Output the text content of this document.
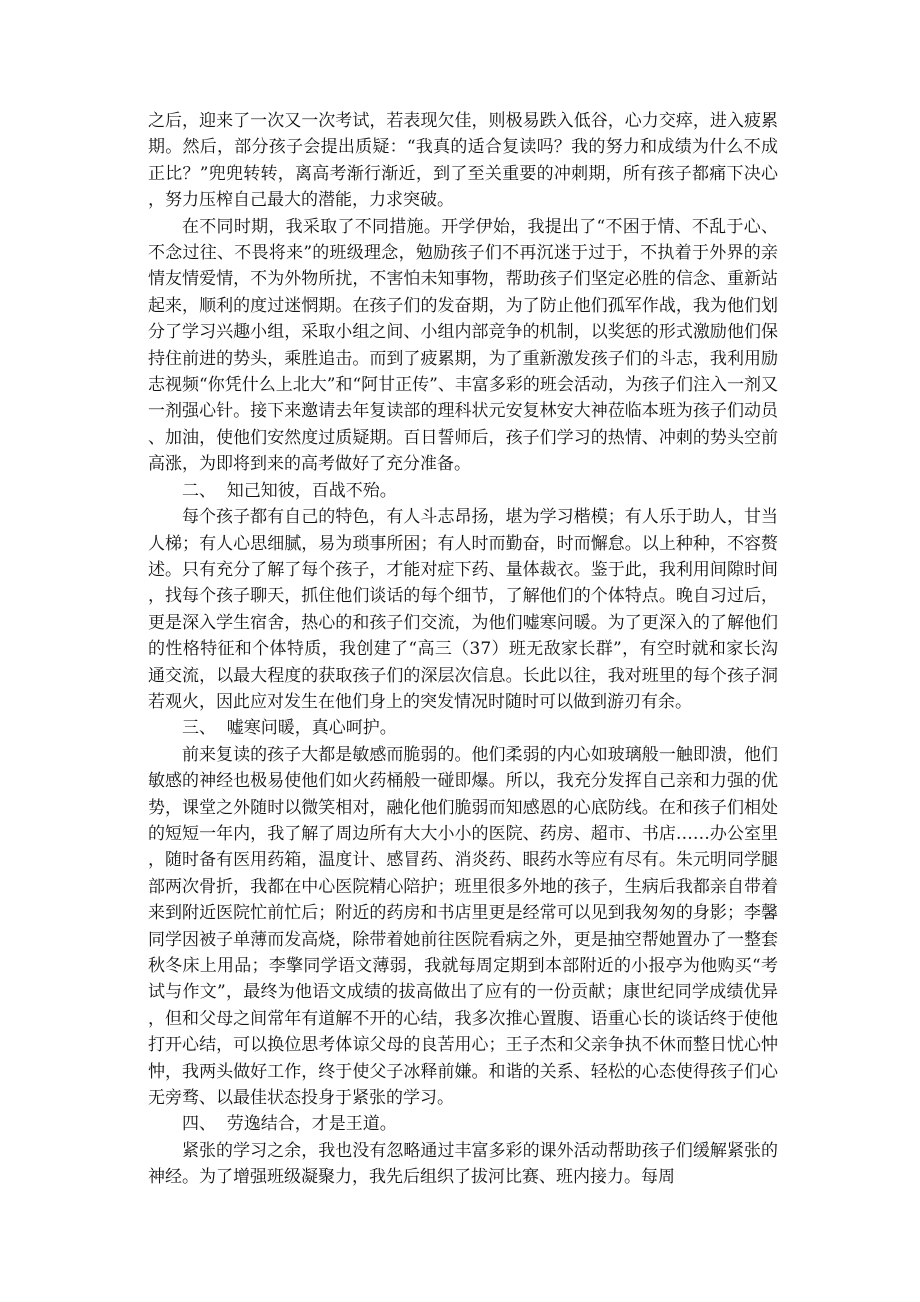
之后，迎来了一次又一次考试，若表现欠佳，则极易跌入低谷，心力交瘁，进入疲累期。然后，部分孩子会提出质疑：“我真的适合复读吗？我的努力和成绩为什么不成正比？”兜兜转转，离高考渐行渐近，到了至关重要的冲刺期，所有孩子都痛下决心，努力压榨自己最大的潜能，力求突破。

在不同时期，我采取了不同措施。开学伊始，我提出了“不困于情、不乱于心、不念过往、不畏将来”的班级理念，勉励孩子们不再沉迷于过于，不执着于外界的亲情友情爱情，不为外物所扰，不害怕未知事物，帮助孩子们坚定必胜的信念、重新站起来，顺利的度过迷惘期。在孩子们的发奋期，为了防止他们孤军作战，我为他们划分了学习兴趣小组，采取小组之间、小组内部竞争的机制，以奖惩的形式激励他们保持住前进的势头，乘胜追击。而到了疲累期，为了重新激发孩子们的斗志，我利用励志视频“你凭什么上北大”和“阿甘正传”、丰富多彩的班会活动，为孩子们注入一剂又一剂强心针。接下来邀请去年复读部的理科状元安复林安大神莅临本班为孩子们动员、加油，使他们安然度过质疑期。百日誓师后，孩子们学习的热情、冲刺的势头空前高涨，为即将到来的高考做好了充分准备。

二、  知己知彼，百战不殆。

每个孩子都有自己的特色，有人斗志昂扬，堪为学习楷模；有人乐于助人，甘当人梯；有人心思细腻，易为琐事所困；有人时而勤奋，时而懈怠。以上种种，不容赘述。只有充分了解了每个孩子，才能对症下药、量体裁衣。鉴于此，我利用间隙时间，找每个孩子聊天，抓住他们谈话的每个细节，了解他们的个体特点。晚自习过后，更是深入学生宿舍，热心的和孩子们交流，为他们嘘寒问暖。为了更深入的了解他们的性格特征和个体特质，我创建了“高三（37）班无敌家长群”，有空时就和家长沟通交流，以最大程度的获取孩子们的深层次信息。长此以往，我对班里的每个孩子洞若观火，因此应对发生在他们身上的突发情况时随时可以做到游刃有余。

三、  嘘寒问暖，真心呵护。

前来复读的孩子大都是敏感而脆弱的。他们柔弱的内心如玻璃般一触即溃，他们敏感的神经也极易使他们如火药桶般一碰即爆。所以，我充分发挥自己亲和力强的优势，课堂之外随时以微笑相对，融化他们脆弱而知感恩的心底防线。在和孩子们相处的短短一年内，我了解了周边所有大大小小的医院、药房、超市、书店……办公室里，随时备有医用药箱，温度计、感冒药、消炎药、眼药水等应有尽有。朱元明同学腿部两次骨折，我都在中心医院精心陪护；班里很多外地的孩子，生病后我都亲自带着来到附近医院忙前忙后；附近的药房和书店里更是经常可以见到我匆匆的身影；李馨同学因被子单薄而发高烧，除带着她前往医院看病之外，更是抽空帮她置办了一整套秋冬床上用品；李擎同学语文薄弱，我就每周定期到本部附近的小报亭为他购买“考试与作文”，最终为他语文成绩的拔高做出了应有的一份贡献；康世纪同学成绩优异，但和父母之间常年有道解不开的心结，我多次推心置腹、语重心长的谈话终于使他打开心结，可以换位思考体谅父母的良苦用心；王子杰和父亲争执不休而整日忧心忡忡，我两头做好工作，终于使父子冰释前嫌。和谐的关系、轻松的心态使得孩子们心无旁骛、以最佳状态投身于紧张的学习。

四、  劳逸结合，才是王道。

紧张的学习之余，我也没有忽略通过丰富多彩的课外活动帮助孩子们缓解紧张的神经。为了增强班级凝聚力，我先后组织了拔河比赛、班内接力。每周
